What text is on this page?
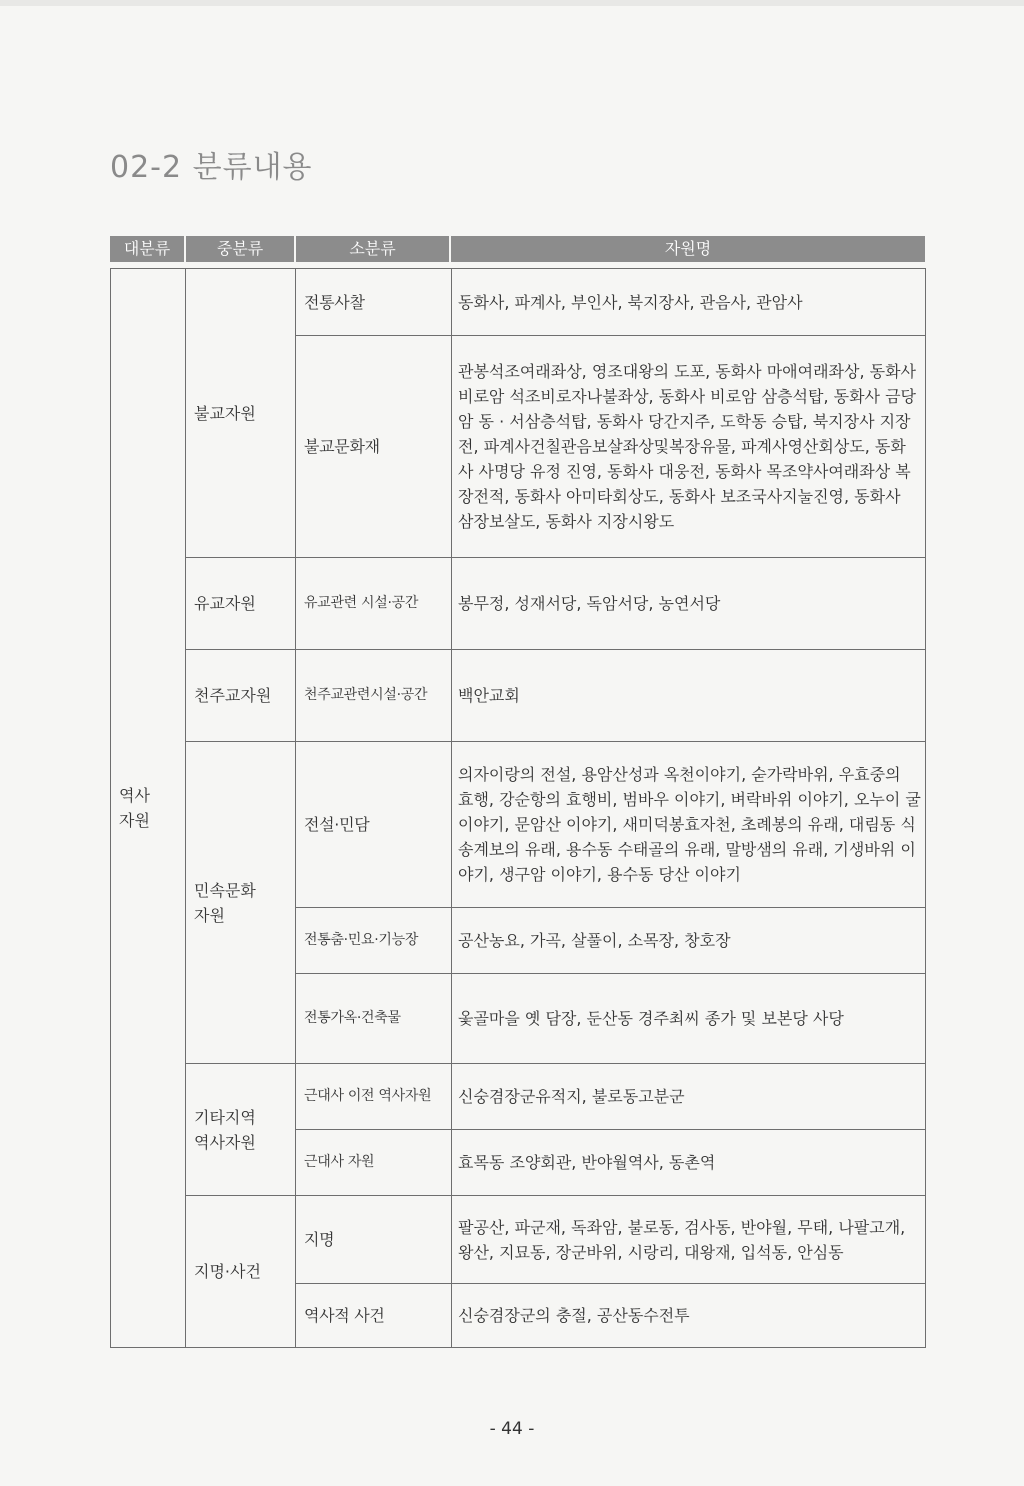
02-2 분류내용
대분류	중분류	소분류	자원명
역사 자원	불교자원	전통사찰	동화사, 파계사, 부인사, 북지장사, 관음사, 관암사
		불교문화재	관봉석조여래좌상, 영조대왕의 도포, 동화사 마애여래좌상, 동화사 비로암 석조비로자나불좌상, 동화사 비로암 삼층석탑, 동화사 금당암 동 · 서삼층석탑, 동화사 당간지주, 도학동 승탑, 북지장사 지장전, 파계사건칠관음보살좌상및복장유물, 파계사영산회상도, 동화사 사명당 유정 진영, 동화사 대웅전, 동화사 목조약사여래좌상 복장전적, 동화사 아미타회상도, 동화사 보조국사지눌진영, 동화사 삼장보살도, 동화사 지장시왕도
	유교자원	유교관련 시설·공간	봉무정, 성재서당, 독암서당, 농연서당
	천주교자원	천주교관련시설·공간	백안교회
	민속문화 자원	전설·민담	의자이랑의 전설, 용암산성과 옥천이야기, 숟가락바위, 우효중의 효행, 강순항의 효행비, 범바우 이야기, 벼락바위 이야기, 오누이 굴 이야기, 문암산 이야기, 새미덕봉효자천, 초례봉의 유래, 대림동 식송계보의 유래, 용수동 수태골의 유래, 말방샘의 유래, 기생바위 이야기, 생구암 이야기, 용수동 당산 이야기
		전통춤·민요·기능장	공산농요, 가곡, 살풀이, 소목장, 창호장
		전통가옥·건축물	옻골마을 옛 담장, 둔산동 경주최씨 종가 및 보본당 사당
	기타지역 역사자원	근대사 이전 역사자원	신숭겸장군유적지, 불로동고분군
		근대사 자원	효목동 조양회관, 반야월역사, 동촌역
	지명·사건	지명	팔공산, 파군재, 독좌암, 불로동, 검사동, 반야월, 무태, 나팔고개, 왕산, 지묘동, 장군바위, 시랑리, 대왕재, 입석동, 안심동
		역사적 사건	신숭겸장군의 충절, 공산동수전투
- 44 -
